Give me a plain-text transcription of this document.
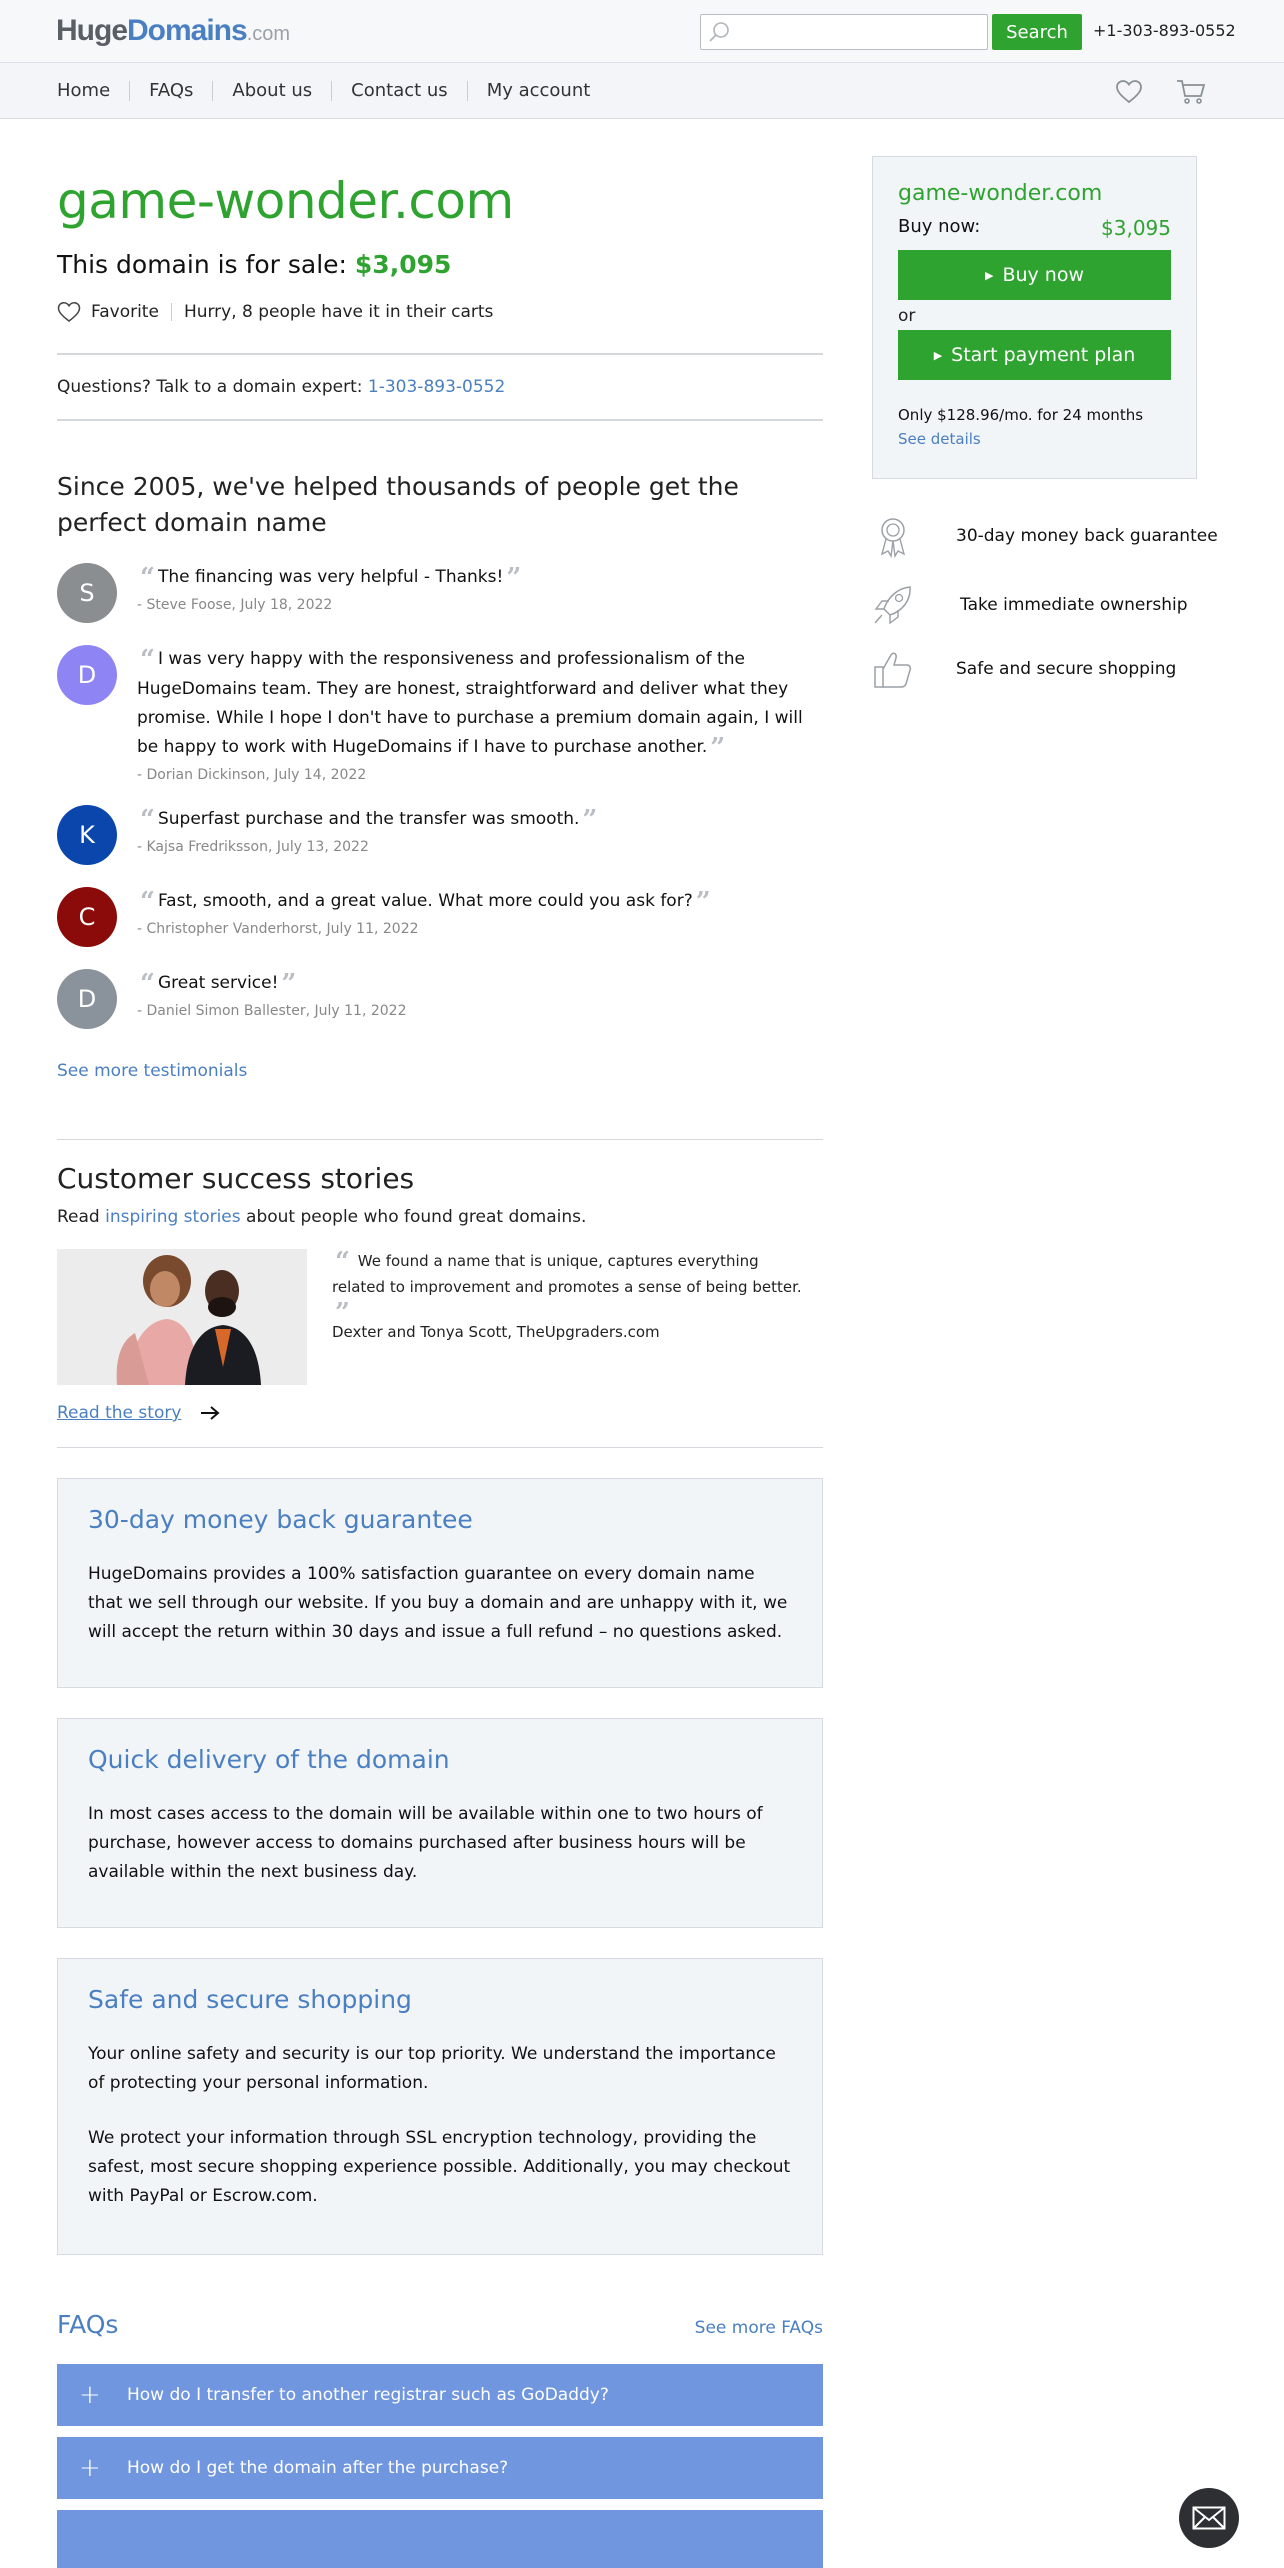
HugeDomains.com	Search	+1-303-893-0552
Home	FAQs	About us	Contact us	My account
game-wonder.com
This domain is for sale: $3,095
Favorite Hurry, 8 people have it in their carts
Questions? Talk to a domain expert: 1-303-893-0552
Since 2005, we've helped thousands of people get the perfect domain name
S “ The financing was very helpful - Thanks! ”
- Steve Foose, July 18, 2022
D “ I was very happy with the responsiveness and professionalism of the HugeDomains team. They are honest, straightforward and deliver what they promise. While I hope I don't have to purchase a premium domain again, I will be happy to work with HugeDomains if I have to purchase another. ”
- Dorian Dickinson, July 14, 2022
K “ Superfast purchase and the transfer was smooth. ”
- Kajsa Fredriksson, July 13, 2022
C “ Fast, smooth, and a great value. What more could you ask for? ”
- Christopher Vanderhorst, July 11, 2022
D “ Great service! ”
- Daniel Simon Ballester, July 11, 2022
See more testimonials
Customer success stories
Read inspiring stories about people who found great domains.
“ We found a name that is unique, captures everything related to improvement and promotes a sense of being better. ”
Dexter and Tonya Scott, TheUpgraders.com
Read the story
30-day money back guarantee

HugeDomains provides a 100% satisfaction guarantee on every domain name that we sell through our website. If you buy a domain and are unhappy with it, we will accept the return within 30 days and issue a full refund – no questions asked.

Quick delivery of the domain

In most cases access to the domain will be available within one to two hours of purchase, however access to domains purchased after business hours will be available within the next business day.

Safe and secure shopping

Your online safety and security is our top priority. We understand the importance of protecting your personal information.

We protect your information through SSL encryption technology, providing the safest, most secure shopping experience possible. Additionally, you may checkout with PayPal or Escrow.com.

FAQs	See more FAQs
+	How do I transfer to another registrar such as GoDaddy?
+	How do I get the domain after the purchase?
game-wonder.com
Buy now:	$3,095
▶ Buy now
or
▶ Start payment plan
Only $128.96/mo. for 24 months
See details
30-day money back guarantee
Take immediate ownership
Safe and secure shopping
